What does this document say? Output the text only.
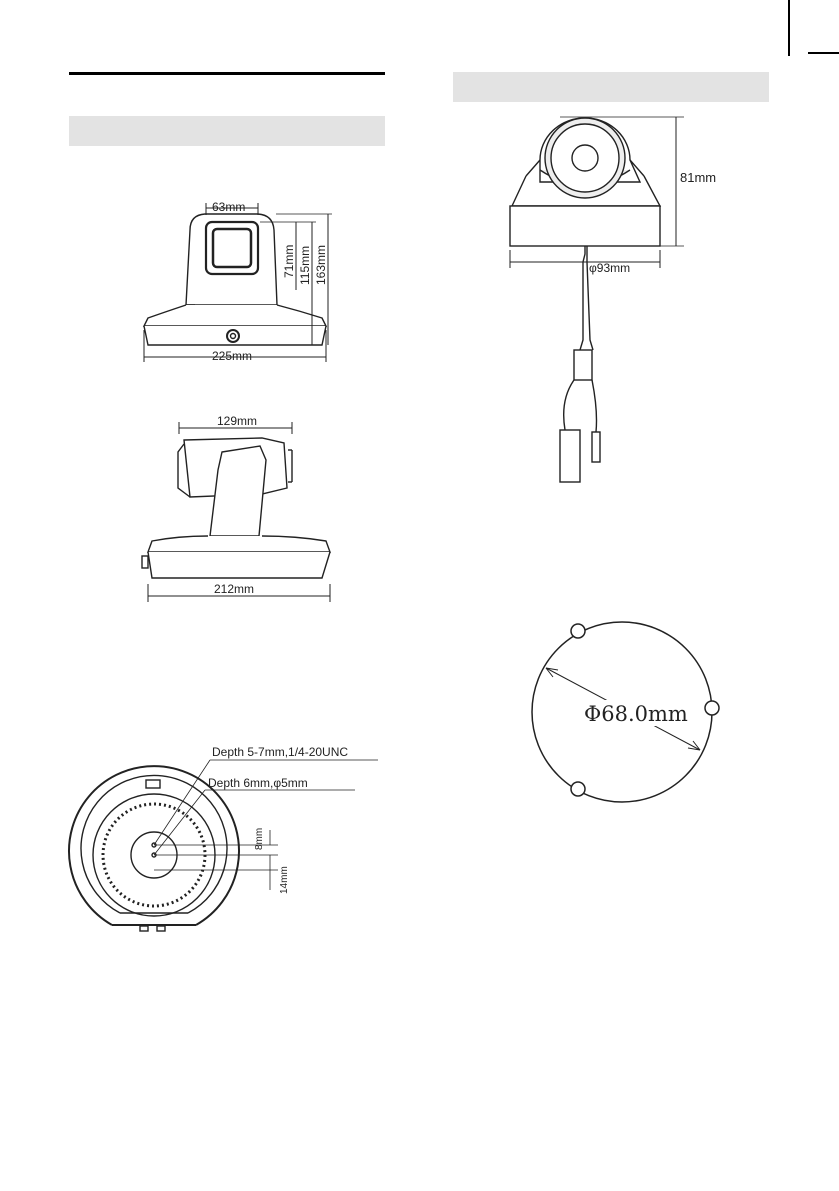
63mm
71mm 115mm 163mm
225mm
129mm
212mm
Depth 5-7mm,1/4-20UNC
Depth 6mm,φ5mm
8mm
14mm
81mm
φ93mm
Φ68.0mm
